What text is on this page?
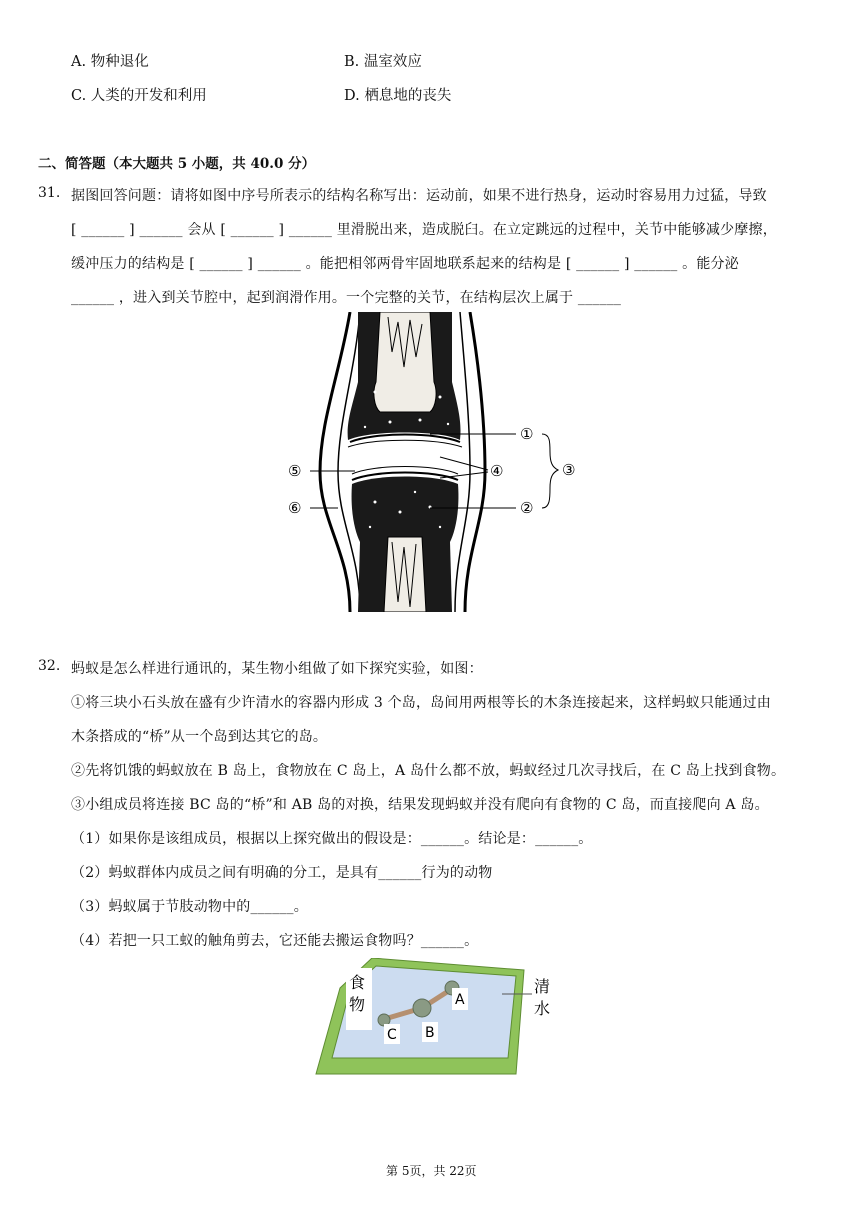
A. 物种退化	B. 温室效应
C. 人类的开发和利用	D. 栖息地的丧失
二、简答题（本大题共 5 小题，共 40.0 分）
31. 据图回答问题：请将如图中序号所表示的结构名称写出：运动前，如果不进行热身，运动时容易用力过猛，导致
[ ______ ] ______ 会从 [ ______ ] ______ 里滑脱出来，造成脱臼。在立定跳远的过程中，关节中能够减少摩擦，
缓冲压力的结构是 [ ______ ] ______ 。能把相邻两骨牢固地联系起来的结构是 [ ______ ] ______ 。能分泌
______ ，进入到关节腔中，起到润滑作用。一个完整的关节，在结构层次上属于 ______
①
②
③
④
⑤
⑥
32. 蚂蚁是怎么样进行通讯的，某生物小组做了如下探究实验，如图：
①将三块小石头放在盛有少许清水的容器内形成 3 个岛，岛间用两根等长的木条连接起来，这样蚂蚁只能通过由
木条搭成的“桥”从一个岛到达其它的岛。
②先将饥饿的蚂蚁放在 B 岛上，食物放在 C 岛上，A 岛什么都不放，蚂蚁经过几次寻找后，在 C 岛上找到食物。
③小组成员将连接 BC 岛的“桥”和 AB 岛的对换，结果发现蚂蚁并没有爬向有食物的 C 岛，而直接爬向 A 岛。
（1）如果你是该组成员，根据以上探究做出的假设是：______。结论是：______。
（2）蚂蚁群体内成员之间有明确的分工，是具有______行为的动物
（3）蚂蚁属于节肢动物中的______。
（4）若把一只工蚁的触角剪去，它还能去搬运食物吗？______。
食
物
清
水
A
B
C
第 5页，共 22页
